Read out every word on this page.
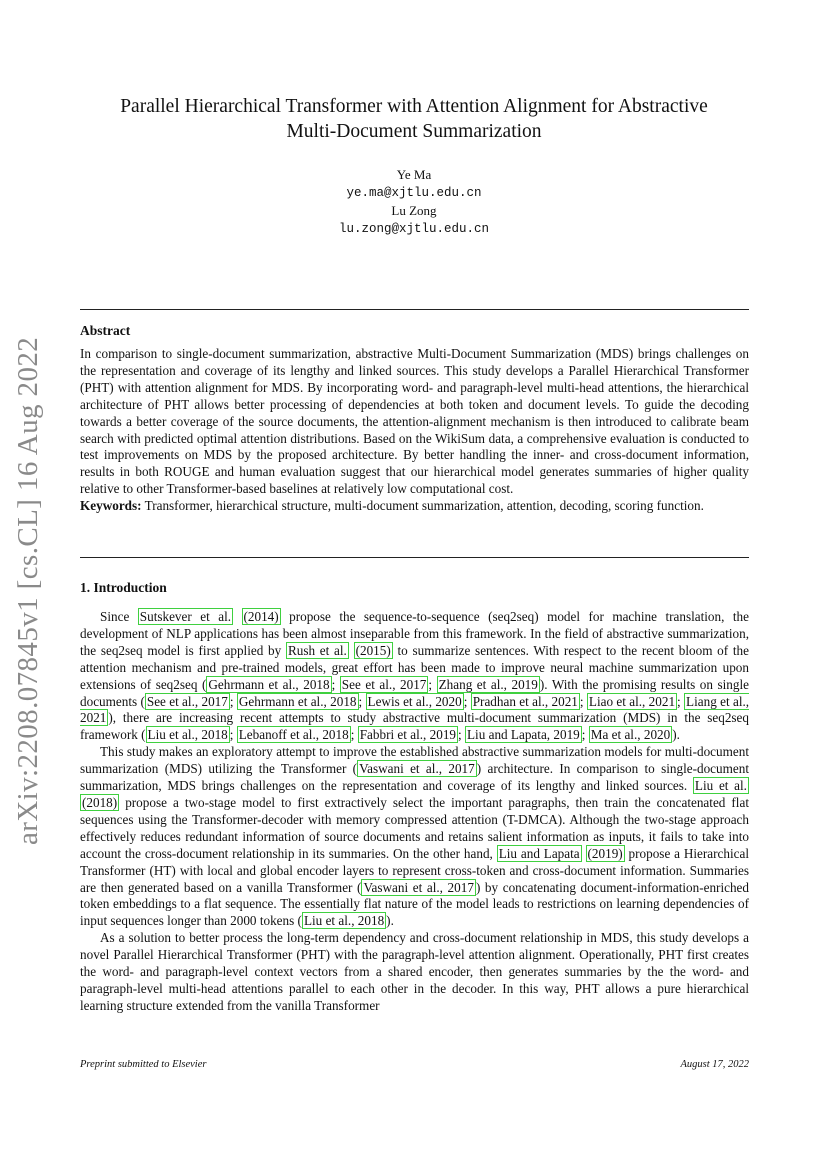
arXiv:2208.07845v1 [cs.CL] 16 Aug 2022
Parallel Hierarchical Transformer with Attention Alignment for Abstractive
Multi-Document Summarization
Ye Ma
ye.ma@xjtlu.edu.cn
Lu Zong
lu.zong@xjtlu.edu.cn
Abstract
In comparison to single-document summarization, abstractive Multi-Document Summarization (MDS) brings challenges on the representation and coverage of its lengthy and linked sources. This study develops a Parallel Hierarchical Transformer (PHT) with attention alignment for MDS. By incorporating word- and paragraph-level multi-head attentions, the hierarchical architecture of PHT allows better processing of dependencies at both token and document levels. To guide the decoding towards a better coverage of the source documents, the attention-alignment mechanism is then introduced to calibrate beam search with predicted optimal attention distributions. Based on the WikiSum data, a comprehensive evaluation is conducted to test improvements on MDS by the proposed architecture. By better handling the inner- and cross-document information, results in both ROUGE and human evaluation suggest that our hierarchical model generates summaries of higher quality relative to other Transformer-based baselines at relatively low computational cost.
Keywords: Transformer, hierarchical structure, multi-document summarization, attention, decoding, scoring function.
1. Introduction

Since Sutskever et al. (2014) propose the sequence-to-sequence (seq2seq) model for machine translation, the development of NLP applications has been almost inseparable from this framework. In the field of abstractive summarization, the seq2seq model is first applied by Rush et al. (2015) to summarize sentences. With respect to the recent bloom of the attention mechanism and pre-trained models, great effort has been made to improve neural machine summarization upon extensions of seq2seq ( Gehrmann et al., 2018 ; See et al., 2017 ; Zhang et al., 2019 ). With the promising results on single documents ( See et al., 2017 ; Gehrmann et al., 2018 ; Lewis et al., 2020 ; Pradhan et al., 2021 ; Liao et al., 2021 ; Liang et al., 2021 ), there are increasing recent attempts to study abstractive multi-document summarization (MDS) in the seq2seq framework ( Liu et al., 2018 ; Lebanoff et al., 2018 ; Fabbri et al., 2019 ; Liu and Lapata, 2019 ; Ma et al., 2020 ).

This study makes an exploratory attempt to improve the established abstractive summarization models for multi-document summarization (MDS) utilizing the Transformer ( Vaswani et al., 2017 ) architecture. In comparison to single-document summarization, MDS brings challenges on the representation and coverage of its lengthy and linked sources. Liu et al. (2018) propose a two-stage model to first extractively select the important paragraphs, then train the concatenated flat sequences using the Transformer-decoder with memory compressed attention (T-DMCA). Although the two-stage approach effectively reduces redundant information of source documents and retains salient information as inputs, it fails to take into account the cross-document relationship in its summaries. On the other hand, Liu and Lapata (2019) propose a Hierarchical Transformer (HT) with local and global encoder layers to represent cross-token and cross-document information. Summaries are then generated based on a vanilla Transformer ( Vaswani et al., 2017 ) by concatenating document-information-enriched token embeddings to a flat sequence. The essentially flat nature of the model leads to restrictions on learning dependencies of input sequences longer than 2000 tokens ( Liu et al., 2018 ).

As a solution to better process the long-term dependency and cross-document relationship in MDS, this study develops a novel Parallel Hierarchical Transformer (PHT) with the paragraph-level attention alignment. Operationally, PHT first creates the word- and paragraph-level context vectors from a shared encoder, then generates summaries by the the word- and paragraph-level multi-head attentions parallel to each other in the decoder. In this way, PHT allows a pure hierarchical learning structure extended from the vanilla Transformer

Preprint submitted to Elsevier	August 17, 2022
